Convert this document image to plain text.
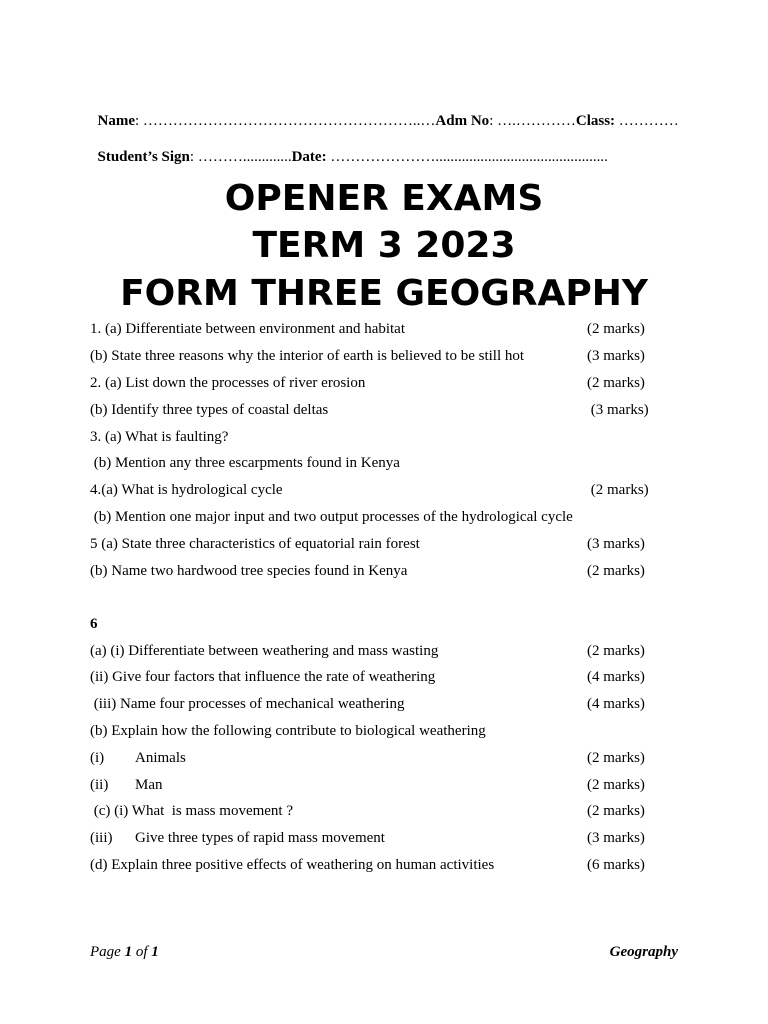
Name: ………………………………………………..…Adm No: ….…………Class: …………

Student’s Sign: ……….............Date: …………………..............................................

OPENER EXAMS
TERM 3 2023
FORM THREE GEOGRAPHY
1. (a) Differentiate between environment and habitat	(2 marks)
(b) State three reasons why the interior of earth is believed to be still hot	(3 marks)
2. (a) List down the processes of river erosion	(2 marks)
(b) Identify three types of coastal deltas	(3 marks)
3. (a) What is faulting?
(b) Mention any three escarpments found in Kenya
4.(a) What is hydrological cycle	(2 marks)
(b) Mention one major input and two output processes of the hydrological cycle
5 (a) State three characteristics of equatorial rain forest	(3 marks)
(b) Name two hardwood tree species found in Kenya	(2 marks)
6
(a) (i) Differentiate between weathering and mass wasting	(2 marks)
(ii) Give four factors that influence the rate of weathering	(4 marks)
(iii) Name four processes of mechanical weathering	(4 marks)
(b) Explain how the following contribute to biological weathering
(i) Animals	(2 marks)
(ii) Man	(2 marks)
(c) (i) What  is mass movement ?	(2 marks)
(iii) Give three types of rapid mass movement	(3 marks)
(d) Explain three positive effects of weathering on human activities	(6 marks)
Page 1 of 1	Geography
